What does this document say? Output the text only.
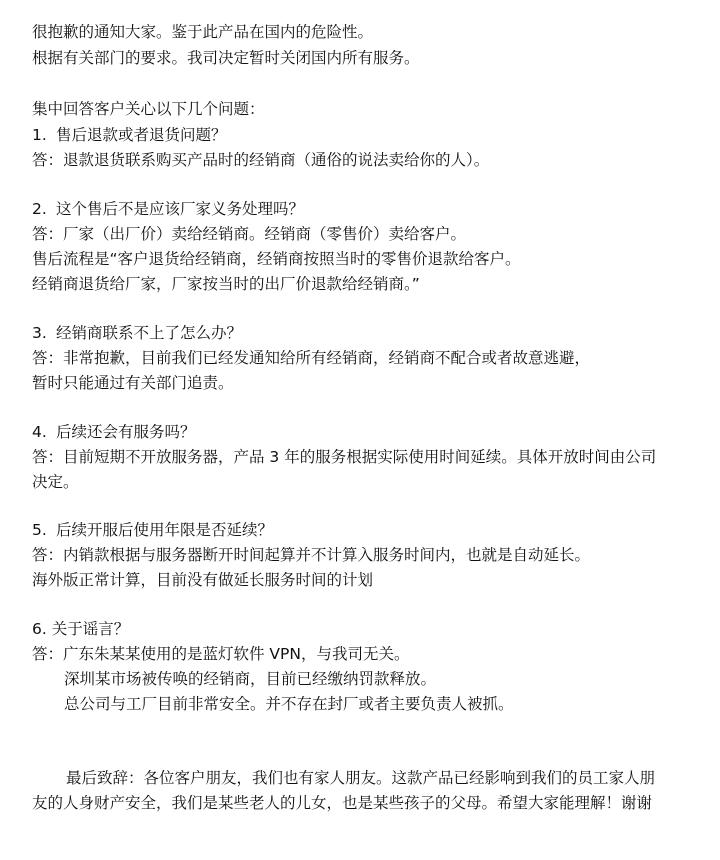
很抱歉的通知大家。鉴于此产品在国内的危险性。
根据有关部门的要求。我司决定暂时关闭国内所有服务。
集中回答客户关心以下几个问题：
1. 售后退款或者退货问题？
答：退款退货联系购买产品时的经销商（通俗的说法卖给你的人）。
2. 这个售后不是应该厂家义务处理吗？
答：厂家（出厂价）卖给经销商。经销商（零售价）卖给客户。
售后流程是“客户退货给经销商，经销商按照当时的零售价退款给客户。
经销商退货给厂家，厂家按当时的出厂价退款给经销商。”
3. 经销商联系不上了怎么办？
答：非常抱歉，目前我们已经发通知给所有经销商，经销商不配合或者故意逃避，
暂时只能通过有关部门追责。
4. 后续还会有服务吗？
答：目前短期不开放服务器，产品 3 年的服务根据实际使用时间延续。具体开放时间由公司
决定。
5. 后续开服后使用年限是否延续？
答：内销款根据与服务器断开时间起算并不计算入服务时间内，也就是自动延长。
海外版正常计算，目前没有做延长服务时间的计划
6. 关于谣言？
答：广东朱某某使用的是蓝灯软件 VPN，与我司无关。
深圳某市场被传唤的经销商，目前已经缴纳罚款释放。
总公司与工厂目前非常安全。并不存在封厂或者主要负责人被抓。
最后致辞：各位客户朋友，我们也有家人朋友。这款产品已经影响到我们的员工家人朋
友的人身财产安全，我们是某些老人的儿女，也是某些孩子的父母。希望大家能理解！谢谢
